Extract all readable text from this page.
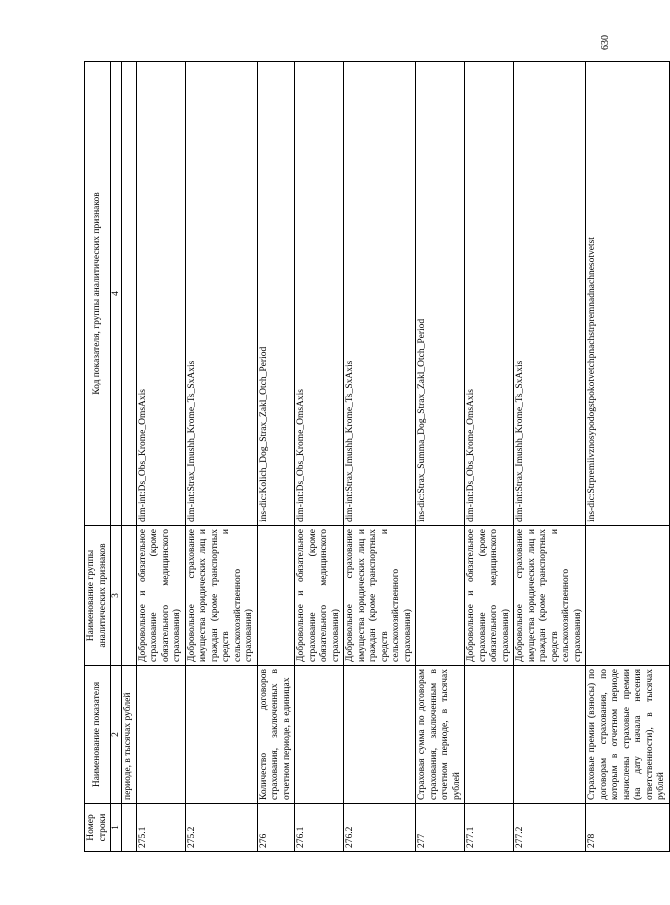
630
Номер строки	Наименование показателя	Наименование группы аналитических признаков	Код показателя, группы аналитических признаков
1	2	3	4
	периоде, в тысячах рублей		
275.1		Добровольное и обязательное страхование (кроме обязательного медицинского страхования)	dim-int:Ds_Obs_Krome_OmsAxis
275.2		Добровольное страхование имущества юридических лиц и граждан (кроме транспортных средств и сельскохозяйственного страхования)	dim-int:Strax_Imushh_Krome_Ts_SxAxis
276	Количество договоров страхования, заключенных в отчетном периоде, в единицах		ins-dic:Kolich_Dog_Strax_Zakl_Otch_Period
276.1		Добровольное и обязательное страхование (кроме обязательного медицинского страхования)	dim-int:Ds_Obs_Krome_OmsAxis
276.2		Добровольное страхование имущества юридических лиц и граждан (кроме транспортных средств и сельскохозяйственного страхования)	dim-int:Strax_Imushh_Krome_Ts_SxAxis
277	Страховая сумма по договорам страхования, заключенным в отчетном периоде, в тысячах рублей		ins-dic:Strax_Summa_Dog_Strax_Zakl_Otch_Period
277.1		Добровольное и обязательное страхование (кроме обязательного медицинского страхования)	dim-int:Ds_Obs_Krome_OmsAxis
277.2		Добровольное страхование имущества юридических лиц и граждан (кроме транспортных средств и сельскохозяйственного страхования)	dim-int:Strax_Imushh_Krome_Ts_SxAxis
278	Страховые премии (взносы) по договорам страхования, по которым в отчетном периоде начислены страховые премии (на дату начала несения ответственности), в тысячах рублей		ins-dic:Strpremiivznosypodogstpokotvetchpnachstrpremnadnachnesotvetst
